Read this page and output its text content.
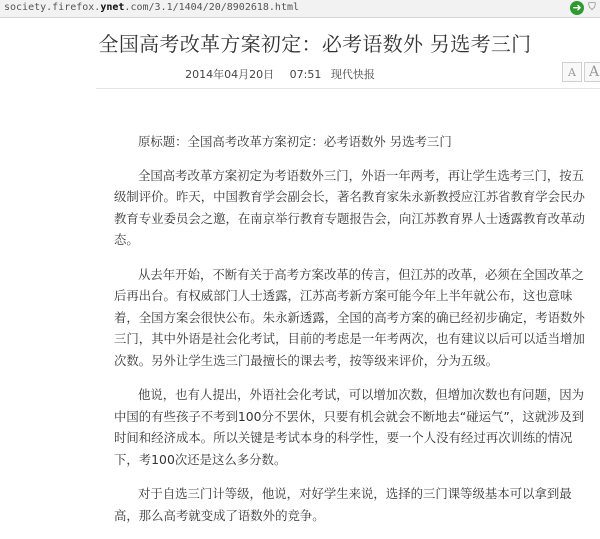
society.firefox.ynet.com/3.1/1404/20/8902618.html	➜ ⛉
全国高考改革方案初定：必考语数外 另选考三门
2014年04月20日 07:51 现代快报	A A

原标题：全国高考改革方案初定：必考语数外 另选考三门

全国高考改革方案初定为考语数外三门，外语一年两考，再让学生选考三门，按五级制评价。昨天，中国教育学会副会长，著名教育家朱永新教授应江苏省教育学会民办教育专业委员会之邀，在南京举行教育专题报告会，向江苏教育界人士透露教育改革动态。

从去年开始，不断有关于高考方案改革的传言，但江苏的改革，必须在全国改革之后再出台。有权威部门人士透露，江苏高考新方案可能今年上半年就公布，这也意味着，全国方案会很快公布。朱永新透露，全国的高考方案的确已经初步确定，考语数外三门，其中外语是社会化考试，目前的考虑是一年考两次，也有建议以后可以适当增加次数。另外让学生选三门最擅长的课去考，按等级来评价，分为五级。

他说，也有人提出，外语社会化考试，可以增加次数，但增加次数也有问题，因为中国的有些孩子不考到100分不罢休，只要有机会就会不断地去“碰运气”，这就涉及到时间和经济成本。所以关键是考试本身的科学性，要一个人没有经过再次训练的情况下，考100次还是这么多分数。

对于自选三门计等级，他说，对好学生来说，选择的三门课等级基本可以拿到最高，那么高考就变成了语数外的竞争。
